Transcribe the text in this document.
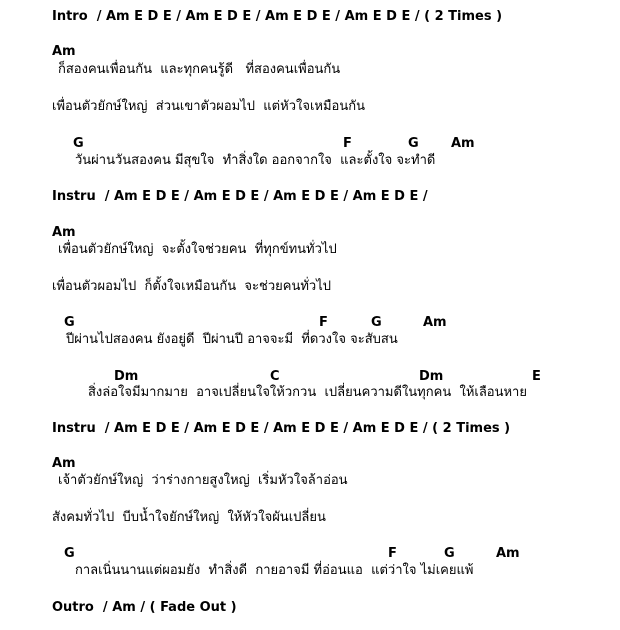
Intro  / Am E D E / Am E D E / Am E D E / Am E D E / ( 2 Times )
Am
ก็สองคนเพื่อนกัน  และทุกคนรู้ดี   ที่สองคนเพื่อนกัน
เพื่อนตัวยักษ์ใหญ่  ส่วนเขาตัวผอมไป  แต่หัวใจเหมือนกัน
G	F	G Am
วันผ่านวันสองคน มีสุขใจ  ทำสิ่งใด ออกจากใจ  และตั้งใจ จะทำดี
Instru  / Am E D E / Am E D E / Am E D E / Am E D E /
Am
เพื่อนตัวยักษ์ใหญ่  จะตั้งใจช่วยคน  ที่ทุกข์ทนทั่วไป
เพื่อนตัวผอมไป  ก็ตั้งใจเหมือนกัน  จะช่วยคนทั่วไป
G	F	G	Am
ปีผ่านไปสองคน ยังอยู่ดี  ปีผ่านปี อาจจะมี  ที่ดวงใจ จะสับสน
Dm	C	Dm	E
สิ่งล่อใจมีมากมาย  อาจเปลี่ยนใจให้วกวน  เปลี่ยนความดีในทุกคน  ให้เลือนหาย
Instru  / Am E D E / Am E D E / Am E D E / Am E D E / ( 2 Times )
Am
เจ้าตัวยักษ์ใหญ่  ว่าร่างกายสูงใหญ่  เริ่มหัวใจล้าอ่อน
สังคมทั่วไป  บีบน้ำใจยักษ์ใหญ่  ให้หัวใจผันเปลี่ยน
G	F	G	Am
กาลเนิ่นนานแต่ผอมยัง  ทำสิ่งดี  กายอาจมี ที่อ่อนแอ  แต่ว่าใจ ไม่เคยแพ้
Outro  / Am / ( Fade Out )
